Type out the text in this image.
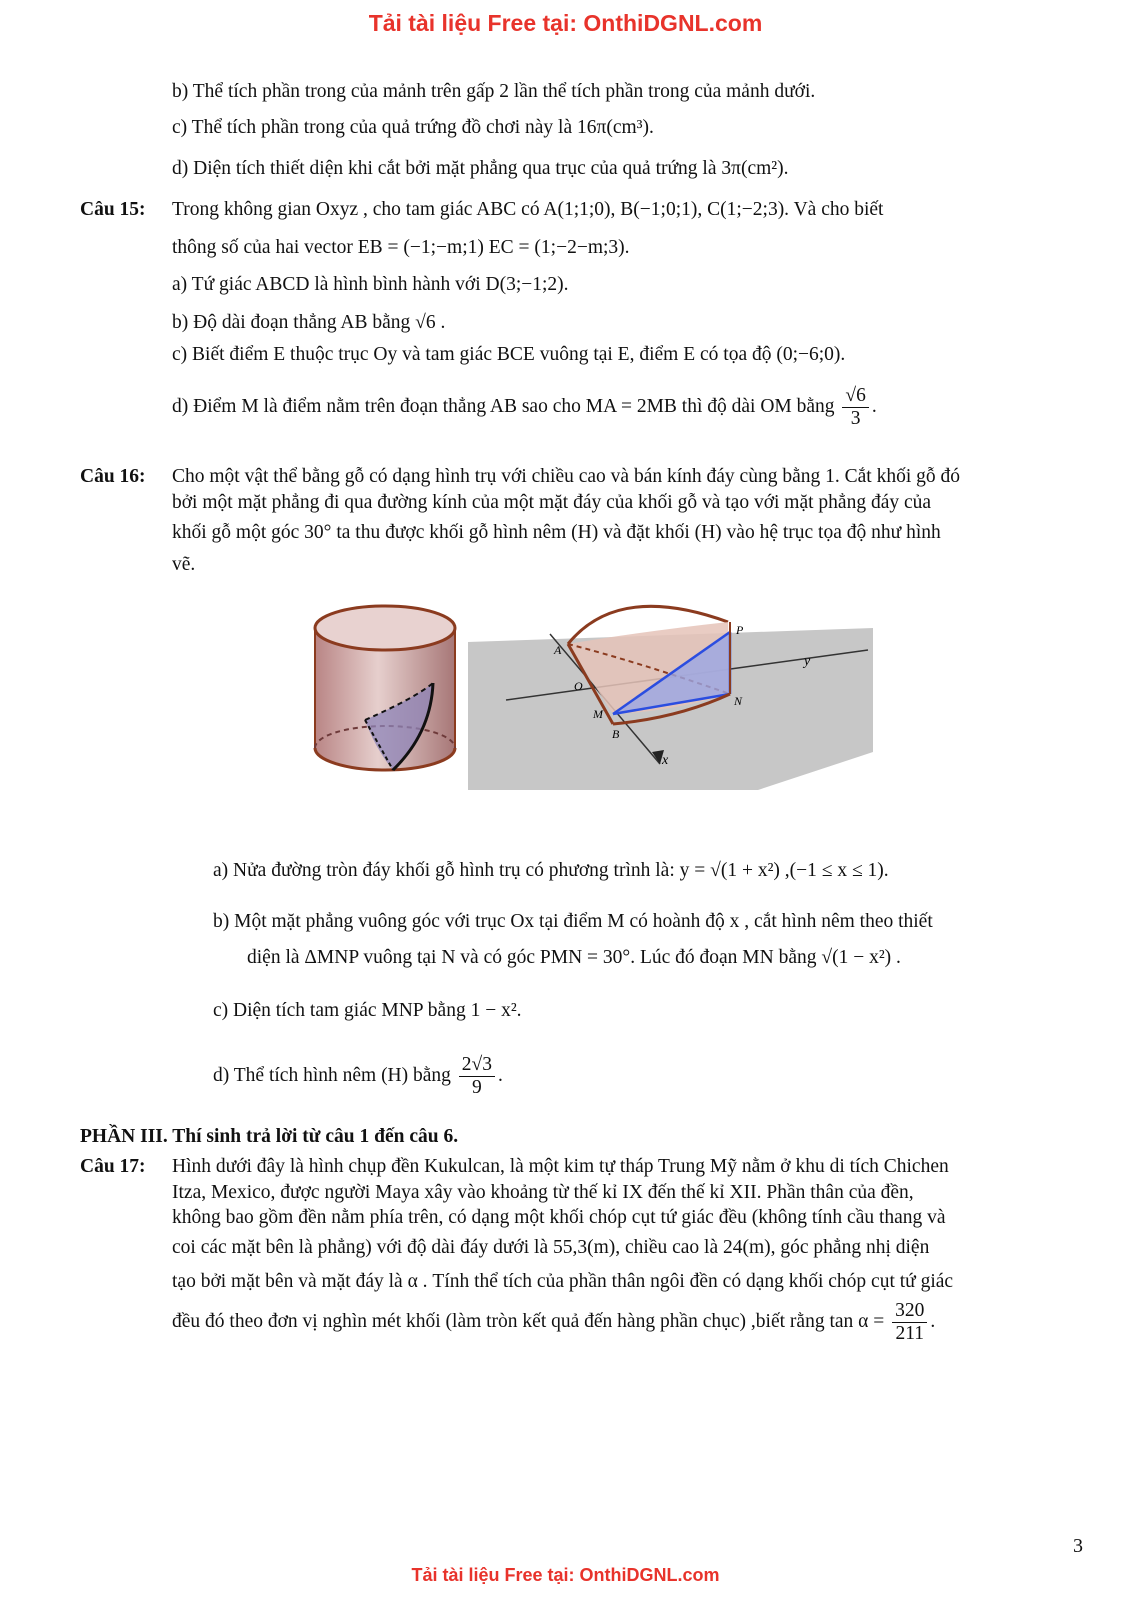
Tải tài liệu Free tại: OnthiDGNL.com
b) Thể tích phần trong của mảnh trên gấp 2 lần thể tích phần trong của mảnh dưới.
c) Thể tích phần trong của quả trứng đồ chơi này là 16π(cm³).
d) Diện tích thiết diện khi cắt bởi mặt phẳng qua trục của quả trứng là 3π(cm²).
Câu 15: Trong không gian Oxyz , cho tam giác ABC có A(1;1;0), B(−1;0;1), C(1;−2;3). Và cho biết
thông số của hai vector EB = (−1;−m;1) EC = (1;−2−m;3).
a) Tứ giác ABCD là hình bình hành với D(3;−1;2).
b) Độ dài đoạn thẳng AB bằng √6 .
c) Biết điểm E thuộc trục Oy và tam giác BCE vuông tại E, điểm E có tọa độ (0;−6;0).
d) Điểm M là điểm nằm trên đoạn thẳng AB sao cho MA = 2MB thì độ dài OM bằng $\frac{√6}{3}$ .
Câu 16: Cho một vật thể bằng gỗ có dạng hình trụ với chiều cao và bán kính đáy cùng bằng 1. Cắt khối gỗ đó
bởi một mặt phẳng đi qua đường kính của một mặt đáy của khối gỗ và tạo với mặt phẳng đáy của
khối gỗ một góc 30° ta thu được khối gỗ hình nêm (H) và đặt khối (H) vào hệ trục tọa độ như hình
vẽ.
A
P
y
O
M
N
B
x
a) Nửa đường tròn đáy khối gỗ hình trụ có phương trình là: y = √(1 + x²) ,(−1 ≤ x ≤ 1).
b) Một mặt phẳng vuông góc với trục Ox tại điểm M có hoành độ x , cắt hình nêm theo thiết
diện là ΔMNP vuông tại N và có góc PMN = 30°. Lúc đó đoạn MN bằng √(1 − x²) .
c) Diện tích tam giác MNP bằng 1 − x².
d) Thể tích hình nêm (H) bằng $\frac{2√3}{9}$ .
PHẦN III. Thí sinh trả lời từ câu 1 đến câu 6.
Câu 17: Hình dưới đây là hình chụp đền Kukulcan, là một kim tự tháp Trung Mỹ nằm ở khu di tích Chichen
Itza, Mexico, được người Maya xây vào khoảng từ thế kỉ IX đến thế kỉ XII. Phần thân của đền,
không bao gồm đền nằm phía trên, có dạng một khối chóp cụt tứ giác đều (không tính cầu thang và
coi các mặt bên là phẳng) với độ dài đáy dưới là 55,3(m), chiều cao là 24(m), góc phẳng nhị diện
tạo bởi mặt bên và mặt đáy là α . Tính thể tích của phần thân ngôi đền có dạng khối chóp cụt tứ giác
đều đó theo đơn vị nghìn mét khối (làm tròn kết quả đến hàng phần chục) ,biết rằng $\tan \alpha = \frac{320}{211}$ .
3
Tải tài liệu Free tại: OnthiDGNL.com
